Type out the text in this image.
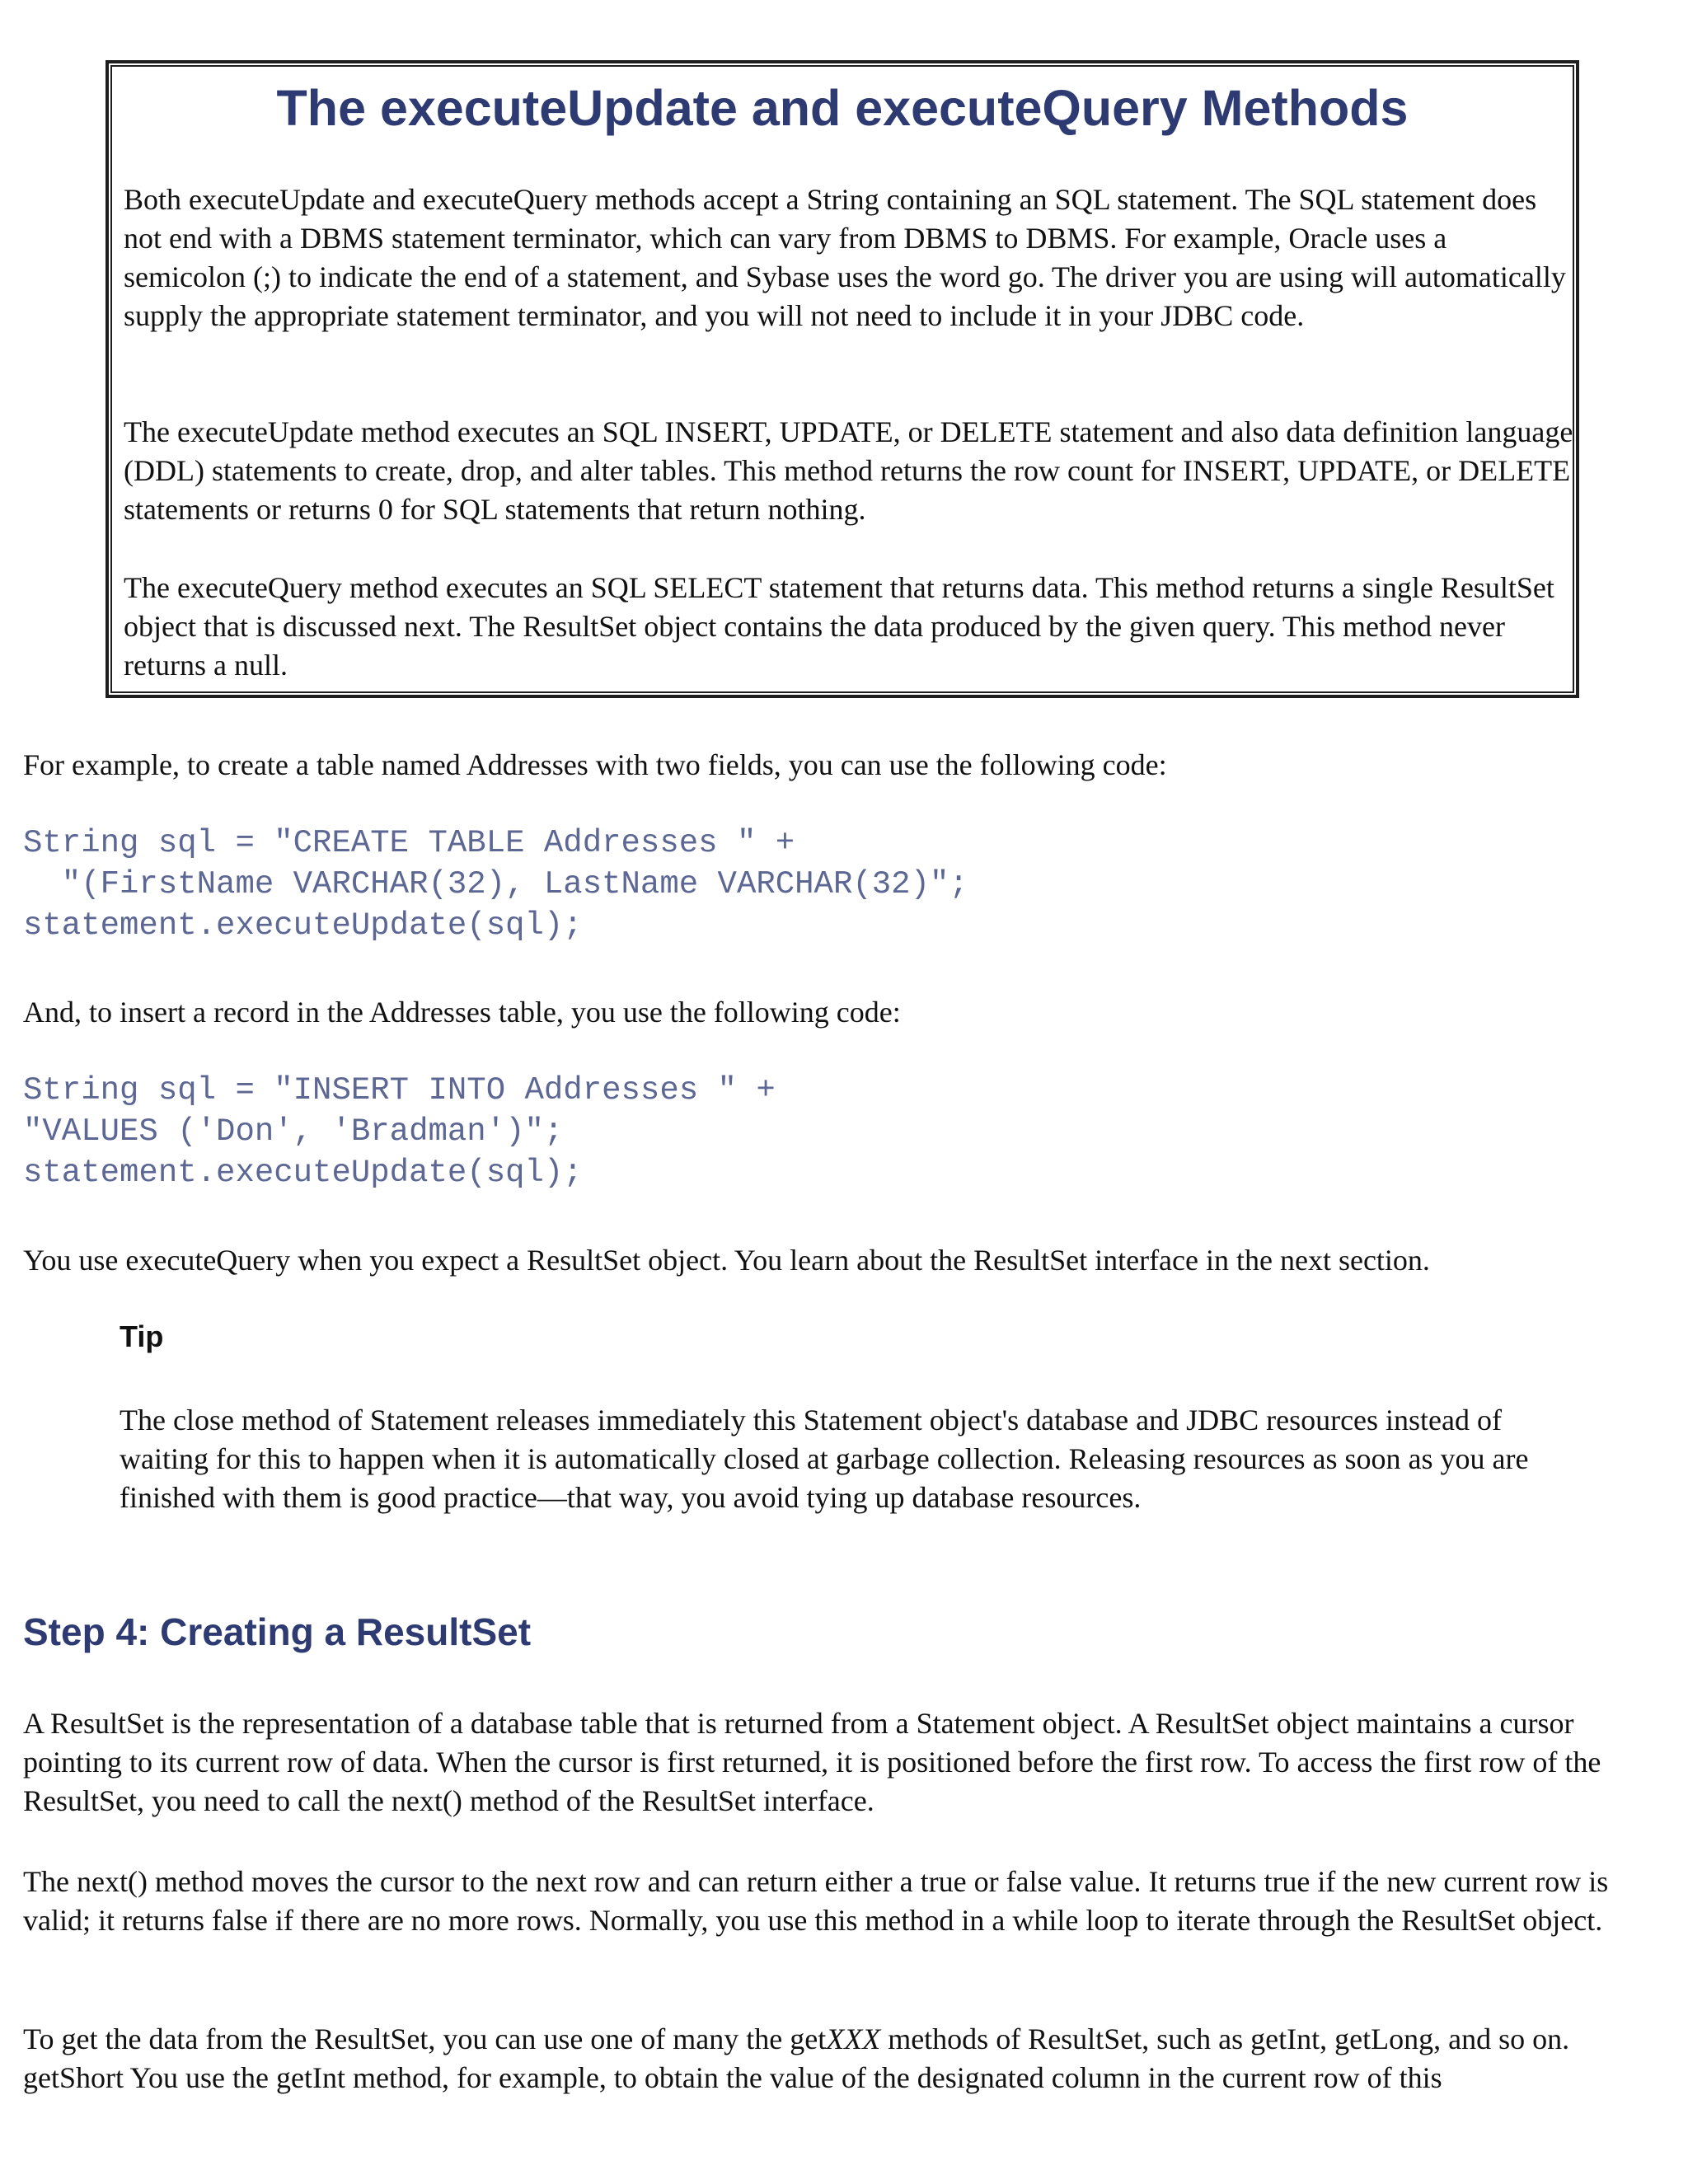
The executeUpdate and executeQuery Methods

Both executeUpdate and executeQuery methods accept a String containing an SQL statement. The SQL statement does not end with a DBMS statement terminator, which can vary from DBMS to DBMS. For example, Oracle uses a semicolon (;) to indicate the end of a statement, and Sybase uses the word go. The driver you are using will automatically supply the appropriate statement terminator, and you will not need to include it in your JDBC code.

The executeUpdate method executes an SQL INSERT, UPDATE, or DELETE statement and also data definition language (DDL) statements to create, drop, and alter tables. This method returns the row count for INSERT, UPDATE, or DELETE statements or returns 0 for SQL statements that return nothing.

The executeQuery method executes an SQL SELECT statement that returns data. This method returns a single ResultSet object that is discussed next. The ResultSet object contains the data produced by the given query. This method never returns a null.

For example, to create a table named Addresses with two fields, you can use the following code:

String sql = "CREATE TABLE Addresses " +
"(FirstName VARCHAR(32), LastName VARCHAR(32)";
statement.executeUpdate(sql);

And, to insert a record in the Addresses table, you use the following code:

String sql = "INSERT INTO Addresses " +
"VALUES ('Don', 'Bradman')";
statement.executeUpdate(sql);

You use executeQuery when you expect a ResultSet object. You learn about the ResultSet interface in the next section.

Tip

The close method of Statement releases immediately this Statement object's database and JDBC resources instead of waiting for this to happen when it is automatically closed at garbage collection. Releasing resources as soon as you are finished with them is good practice—that way, you avoid tying up database resources.

Step 4: Creating a ResultSet

A ResultSet is the representation of a database table that is returned from a Statement object. A ResultSet object maintains a cursor pointing to its current row of data. When the cursor is first returned, it is positioned before the first row. To access the first row of the ResultSet, you need to call the next() method of the ResultSet interface.

The next() method moves the cursor to the next row and can return either a true or false value. It returns true if the new current row is valid; it returns false if there are no more rows. Normally, you use this method in a while loop to iterate through the ResultSet object.

To get the data from the ResultSet, you can use one of many the getXXX methods of ResultSet, such as getInt, getLong, and so on. getShort You use the getInt method, for example, to obtain the value of the designated column in the current row of this
